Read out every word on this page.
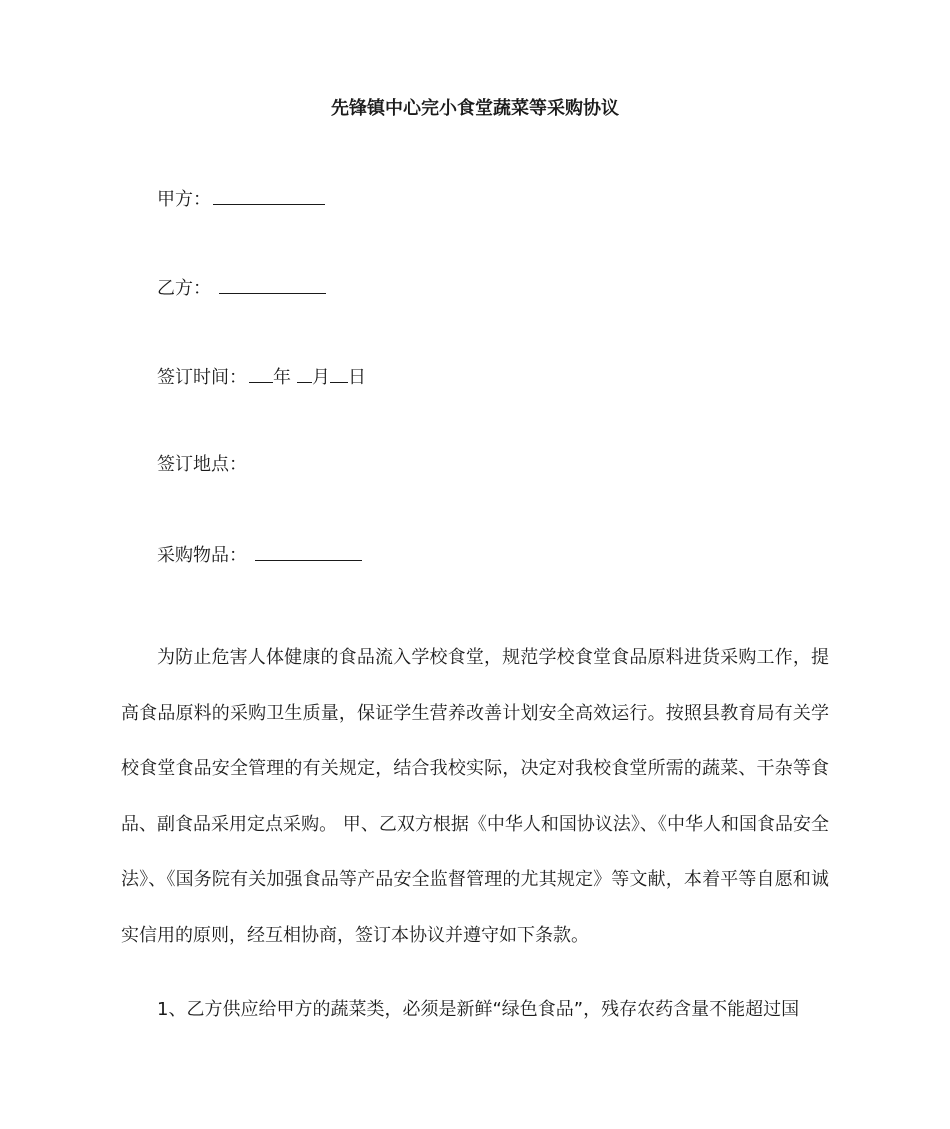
先锋镇中心完小食堂蔬菜等采购协议
甲方：
乙方：
签订时间： 年 月 日
签订地点：
采购物品：

为防止危害人体健康的食品流入学校食堂，规范学校食堂食品原料进货采购工作，提高食品原料的采购卫生质量，保证学生营养改善计划安全高效运行。按照县教育局有关学校食堂食品安全管理的有关规定，结合我校实际，决定对我校食堂所需的蔬菜、干杂等食品、副食品采用定点采购。 甲、乙双方根据《中华人和国协议法》、《中华人和国食品安全法》、《国务院有关加强食品等产品安全监督管理的尤其规定》等文献，本着平等自愿和诚实信用的原则，经互相协商，签订本协议并遵守如下条款。

1、乙方供应给甲方的蔬菜类，必须是新鲜“绿色食品”，残存农药含量不能超过国
